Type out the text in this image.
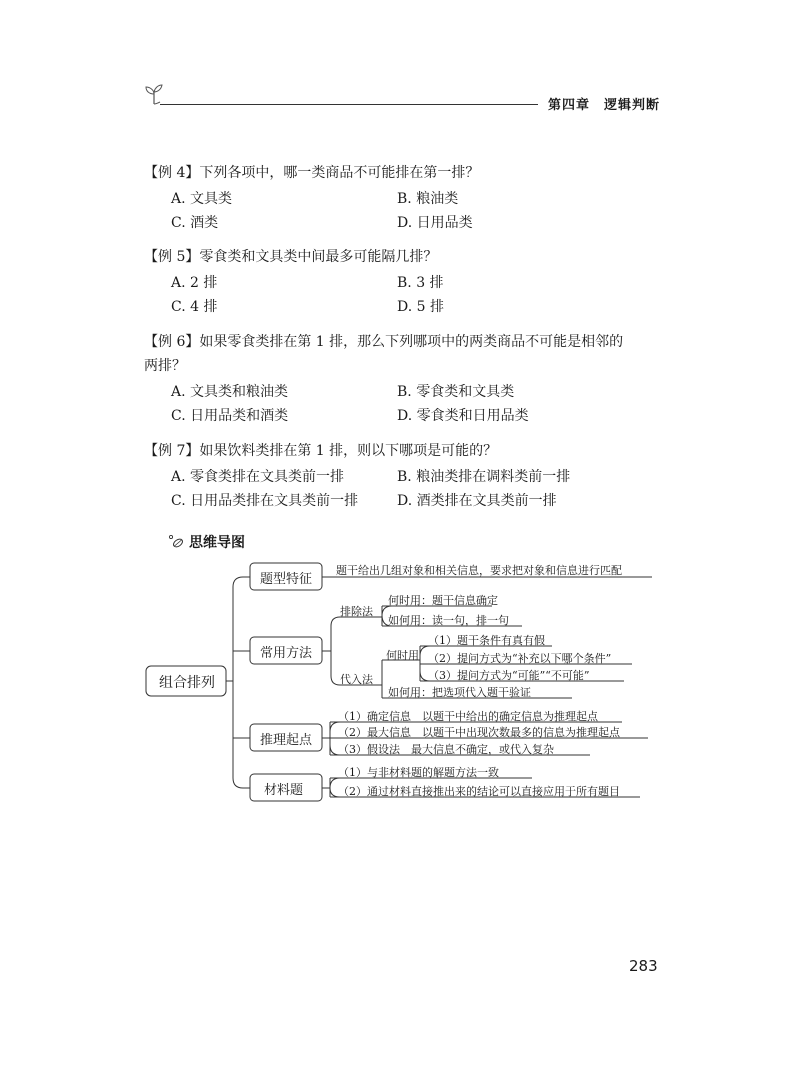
第四章　逻辑判断
【例 4】下列各项中，哪一类商品不可能排在第一排？
A. 文具类	B. 粮油类
C. 酒类	D. 日用品类
【例 5】零食类和文具类中间最多可能隔几排？
A. 2 排	B. 3 排
C. 4 排	D. 5 排
【例 6】如果零食类排在第 1 排，那么下列哪项中的两类商品不可能是相邻的
两排？
A. 文具类和粮油类	B. 零食类和文具类
C. 日用品类和酒类	D. 零食类和日用品类
【例 7】如果饮料类排在第 1 排，则以下哪项是可能的？
A. 零食类排在文具类前一排	B. 粮油类排在调料类前一排
C. 日用品类排在文具类前一排	D. 酒类排在文具类前一排
思维导图
组合排列
题型特征
常用方法
推理起点
材料题
题干给出几组对象和相关信息，要求把对象和信息进行匹配
排除法
何时用：题干信息确定
如何用：读一句，排一句
代入法
何时用
（1）题干条件有真有假
（2）提问方式为“补充以下哪个条件”
（3）提问方式为“可能”“不可能”
如何用：把选项代入题干验证
（1）确定信息　以题干中给出的确定信息为推理起点
（2）最大信息　以题干中出现次数最多的信息为推理起点
（3）假设法　最大信息不确定，或代入复杂
（1）与非材料题的解题方法一致
（2）通过材料直接推出来的结论可以直接应用于所有题目
283
